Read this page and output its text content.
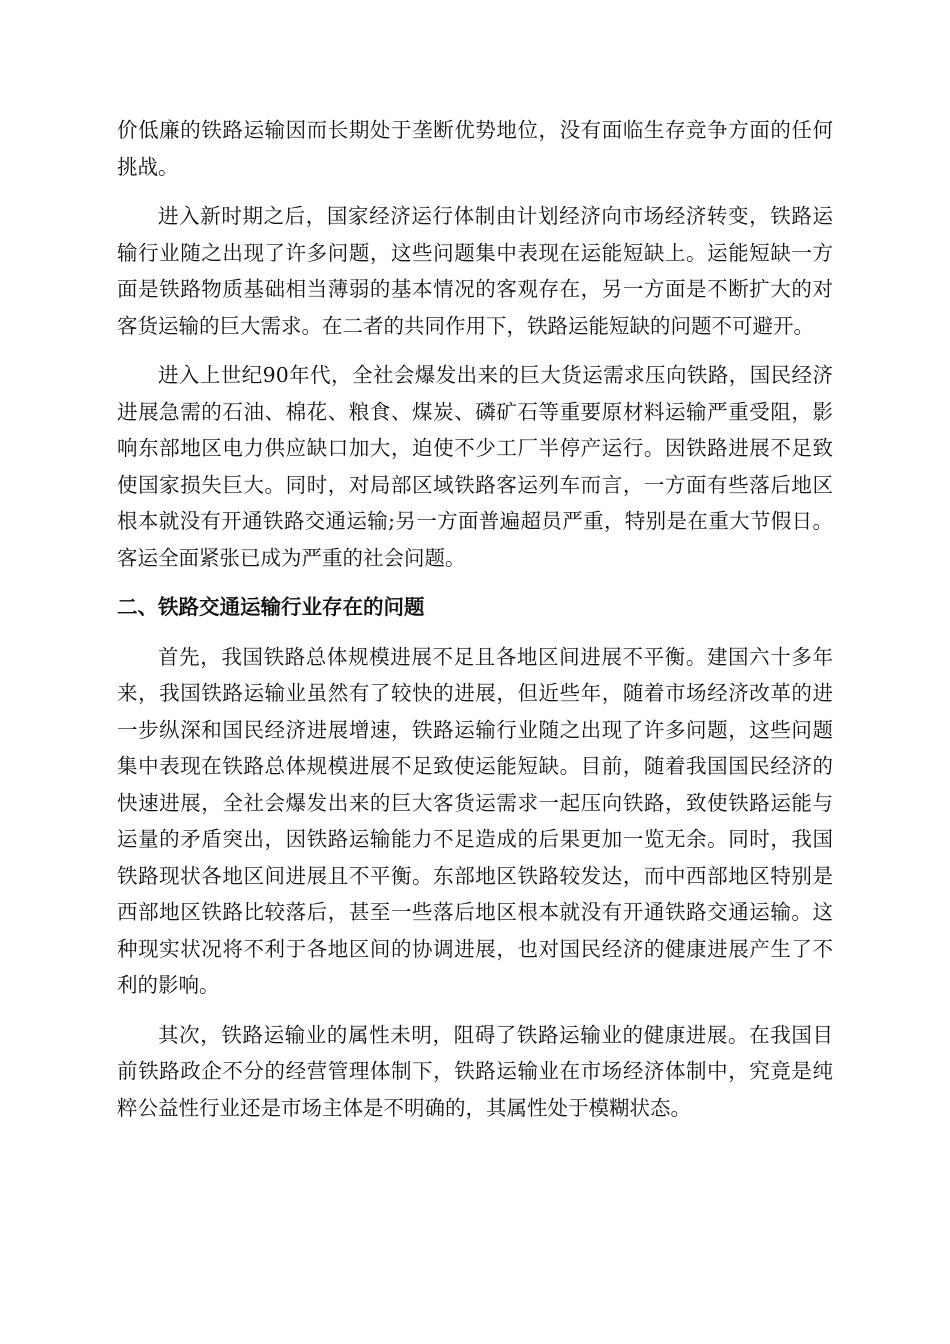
价低廉的铁路运输因而长期处于垄断优势地位，没有面临生存竞争方面的任何挑战。

进入新时期之后，国家经济运行体制由计划经济向市场经济转变，铁路运输行业随之出现了许多问题，这些问题集中表现在运能短缺上。运能短缺一方面是铁路物质基础相当薄弱的基本情况的客观存在，另一方面是不断扩大的对客货运输的巨大需求。在二者的共同作用下，铁路运能短缺的问题不可避开。

进入上世纪90年代，全社会爆发出来的巨大货运需求压向铁路，国民经济进展急需的石油、棉花、粮食、煤炭、磷矿石等重要原材料运输严重受阻，影响东部地区电力供应缺口加大，迫使不少工厂半停产运行。因铁路进展不足致使国家损失巨大。同时，对局部区域铁路客运列车而言，一方面有些落后地区根本就没有开通铁路交通运输;另一方面普遍超员严重，特别是在重大节假日。客运全面紧张已成为严重的社会问题。

二、铁路交通运输行业存在的问题

首先，我国铁路总体规模进展不足且各地区间进展不平衡。建国六十多年来，我国铁路运输业虽然有了较快的进展，但近些年，随着市场经济改革的进一步纵深和国民经济进展增速，铁路运输行业随之出现了许多问题，这些问题集中表现在铁路总体规模进展不足致使运能短缺。目前，随着我国国民经济的快速进展，全社会爆发出来的巨大客货运需求一起压向铁路，致使铁路运能与运量的矛盾突出，因铁路运输能力不足造成的后果更加一览无余。同时，我国铁路现状各地区间进展且不平衡。东部地区铁路较发达，而中西部地区特别是西部地区铁路比较落后，甚至一些落后地区根本就没有开通铁路交通运输。这种现实状况将不利于各地区间的协调进展，也对国民经济的健康进展产生了不利的影响。

其次，铁路运输业的属性未明，阻碍了铁路运输业的健康进展。在我国目前铁路政企不分的经营管理体制下，铁路运输业在市场经济体制中，究竟是纯粹公益性行业还是市场主体是不明确的，其属性处于模糊状态。
